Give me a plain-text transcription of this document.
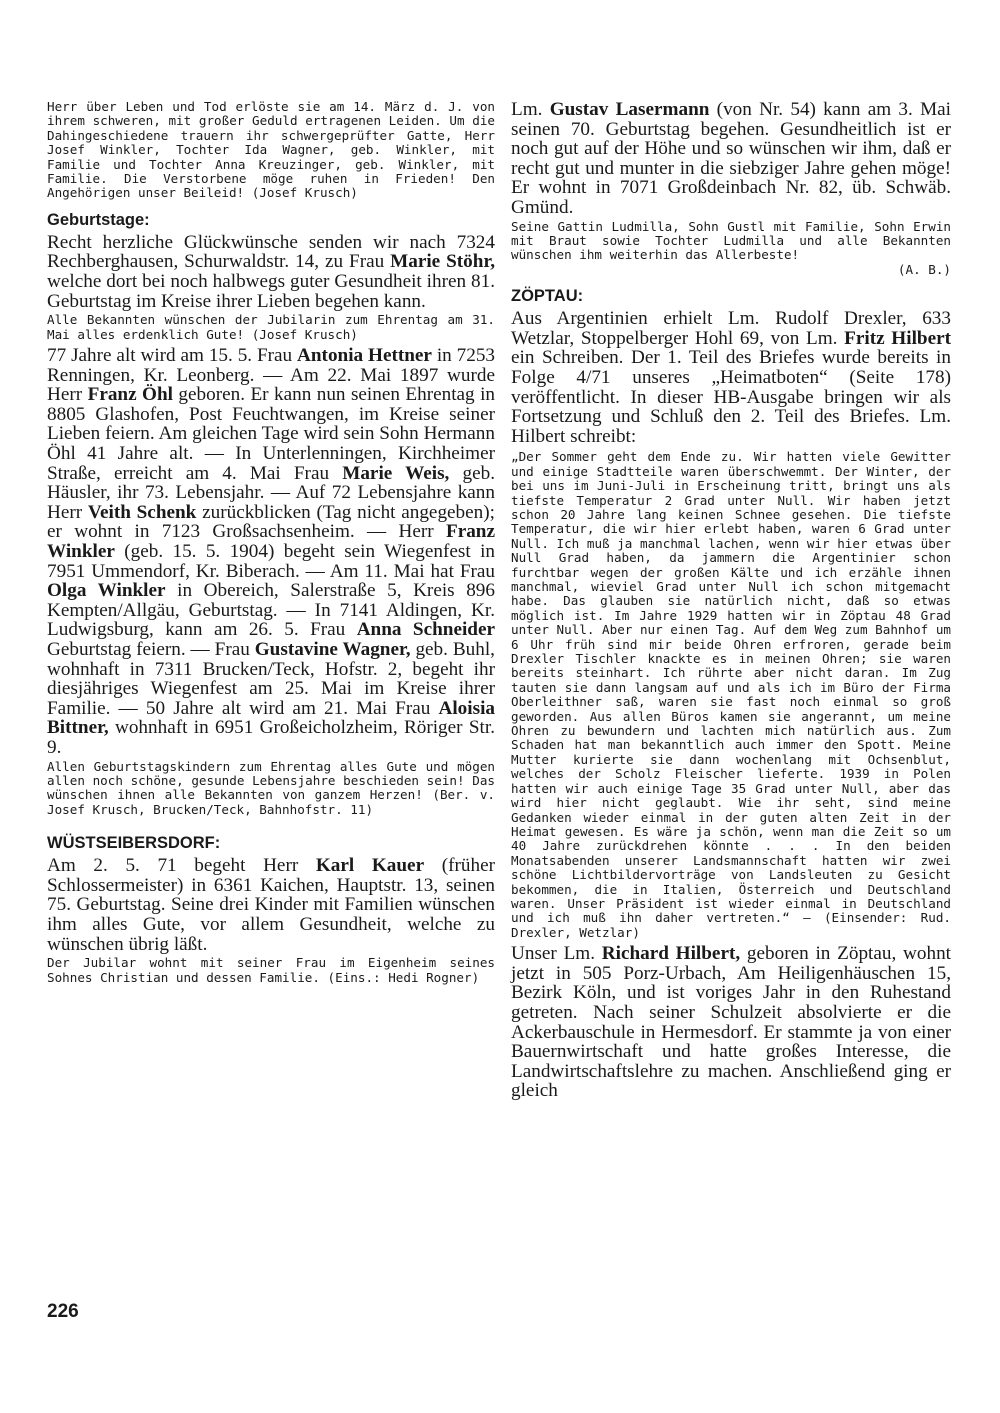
Herr über Leben und Tod erlöste sie am 14. März d. J. von ihrem schweren, mit großer Geduld ertragenen Leiden. Um die Dahingeschiedene trauern ihr schwergeprüfter Gatte, Herr Josef Winkler, Tochter Ida Wagner, geb. Winkler, mit Familie und Tochter Anna Kreuzinger, geb. Winkler, mit Familie. Die Verstorbene möge ruhen in Frieden! Den Angehörigen unser Beileid! (Josef Krusch)

Geburtstage:

Recht herzliche Glückwünsche senden wir nach 7324 Rechberghausen, Schurwaldstr. 14, zu Frau Marie Stöhr, welche dort bei noch halbwegs guter Gesundheit ihren 81. Geburtstag im Kreise ihrer Lieben begehen kann.

Alle Bekannten wünschen der Jubilarin zum Ehrentag am 31. Mai alles erdenklich Gute! (Josef Krusch)

77 Jahre alt wird am 15. 5. Frau Antonia Hettner in 7253 Renningen, Kr. Leonberg. — Am 22. Mai 1897 wurde Herr Franz Öhl geboren. Er kann nun seinen Ehrentag in 8805 Glashofen, Post Feuchtwangen, im Kreise seiner Lieben feiern. Am gleichen Tage wird sein Sohn Hermann Öhl 41 Jahre alt. — In Unterlenningen, Kirchheimer Straße, erreicht am 4. Mai Frau Marie Weis, geb. Häusler, ihr 73. Lebensjahr. — Auf 72 Lebensjahre kann Herr Veith Schenk zurückblicken (Tag nicht angegeben); er wohnt in 7123 Großsachsenheim. — Herr Franz Winkler (geb. 15. 5. 1904) begeht sein Wiegenfest in 7951 Ummendorf, Kr. Biberach. — Am 11. Mai hat Frau Olga Winkler in Obereich, Salerstraße 5, Kreis 896 Kempten/Allgäu, Geburtstag. — In 7141 Aldingen, Kr. Ludwigsburg, kann am 26. 5. Frau Anna Schneider Geburtstag feiern. — Frau Gustavine Wagner, geb. Buhl, wohnhaft in 7311 Brucken/Teck, Hofstr. 2, begeht ihr diesjähriges Wiegenfest am 25. Mai im Kreise ihrer Familie. — 50 Jahre alt wird am 21. Mai Frau Aloisia Bittner, wohnhaft in 6951 Großeicholzheim, Röriger Str. 9.

Allen Geburtstagskindern zum Ehrentag alles Gute und mögen allen noch schöne, gesunde Lebensjahre beschieden sein! Das wünschen ihnen alle Bekannten von ganzem Herzen! (Ber. v. Josef Krusch, Brucken/Teck, Bahnhofstr. 11)

WÜSTSEIBERSDORF:

Am 2. 5. 71 begeht Herr Karl Kauer (früher Schlossermeister) in 6361 Kaichen, Hauptstr. 13, seinen 75. Geburtstag. Seine drei Kinder mit Familien wünschen ihm alles Gute, vor allem Gesundheit, welche zu wünschen übrig läßt.

Der Jubilar wohnt mit seiner Frau im Eigenheim seines Sohnes Christian und dessen Familie. (Eins.: Hedi Rogner)

Lm. Gustav Lasermann (von Nr. 54) kann am 3. Mai seinen 70. Geburtstag begehen. Gesundheitlich ist er noch gut auf der Höhe und so wünschen wir ihm, daß er recht gut und munter in die siebziger Jahre gehen möge! Er wohnt in 7071 Großdeinbach Nr. 82, üb. Schwäb. Gmünd.

Seine Gattin Ludmilla, Sohn Gustl mit Familie, Sohn Erwin mit Braut sowie Tochter Ludmilla und alle Bekannten wünschen ihm weiterhin das Allerbeste!

(A. B.)

ZÖPTAU:

Aus Argentinien erhielt Lm. Rudolf Drexler, 633 Wetzlar, Stoppelberger Hohl 69, von Lm. Fritz Hilbert ein Schreiben. Der 1. Teil des Briefes wurde bereits in Folge 4/71 unseres „Heimatboten“ (Seite 178) veröffentlicht. In dieser HB-Ausgabe bringen wir als Fortsetzung und Schluß den 2. Teil des Briefes. Lm. Hilbert schreibt:

„Der Sommer geht dem Ende zu. Wir hatten viele Gewitter und einige Stadtteile waren überschwemmt. Der Winter, der bei uns im Juni-Juli in Erscheinung tritt, bringt uns als tiefste Temperatur 2 Grad unter Null. Wir haben jetzt schon 20 Jahre lang keinen Schnee gesehen. Die tiefste Temperatur, die wir hier erlebt haben, waren 6 Grad unter Null. Ich muß ja manchmal lachen, wenn wir hier etwas über Null Grad haben, da jammern die Argentinier schon furchtbar wegen der großen Kälte und ich erzähle ihnen manchmal, wieviel Grad unter Null ich schon mitgemacht habe. Das glauben sie natürlich nicht, daß so etwas möglich ist. Im Jahre 1929 hatten wir in Zöptau 48 Grad unter Null. Aber nur einen Tag. Auf dem Weg zum Bahnhof um 6 Uhr früh sind mir beide Ohren erfroren, gerade beim Drexler Tischler knackte es in meinen Ohren; sie waren bereits steinhart. Ich rührte aber nicht daran. Im Zug tauten sie dann langsam auf und als ich im Büro der Firma Oberleithner saß, waren sie fast noch einmal so groß geworden. Aus allen Büros kamen sie angerannt, um meine Ohren zu bewundern und lachten mich natürlich aus. Zum Schaden hat man bekanntlich auch immer den Spott. Meine Mutter kurierte sie dann wochenlang mit Ochsenblut, welches der Scholz Fleischer lieferte. 1939 in Polen hatten wir auch einige Tage 35 Grad unter Null, aber das wird hier nicht geglaubt. Wie ihr seht, sind meine Gedanken wieder einmal in der guten alten Zeit in der Heimat gewesen. Es wäre ja schön, wenn man die Zeit so um 40 Jahre zurückdrehen könnte . . . In den beiden Monatsabenden unserer Landsmannschaft hatten wir zwei schöne Lichtbildervorträge von Landsleuten zu Gesicht bekommen, die in Italien, Österreich und Deutschland waren. Unser Präsident ist wieder einmal in Deutschland und ich muß ihn daher vertreten.“ — (Einsender: Rud. Drexler, Wetzlar)

Unser Lm. Richard Hilbert, geboren in Zöptau, wohnt jetzt in 505 Porz-Urbach, Am Heiligenhäuschen 15, Bezirk Köln, und ist voriges Jahr in den Ruhestand getreten. Nach seiner Schulzeit absolvierte er die Ackerbauschule in Hermesdorf. Er stammte ja von einer Bauernwirtschaft und hatte großes Interesse, die Landwirtschaftslehre zu machen. Anschließend ging er gleich

226
